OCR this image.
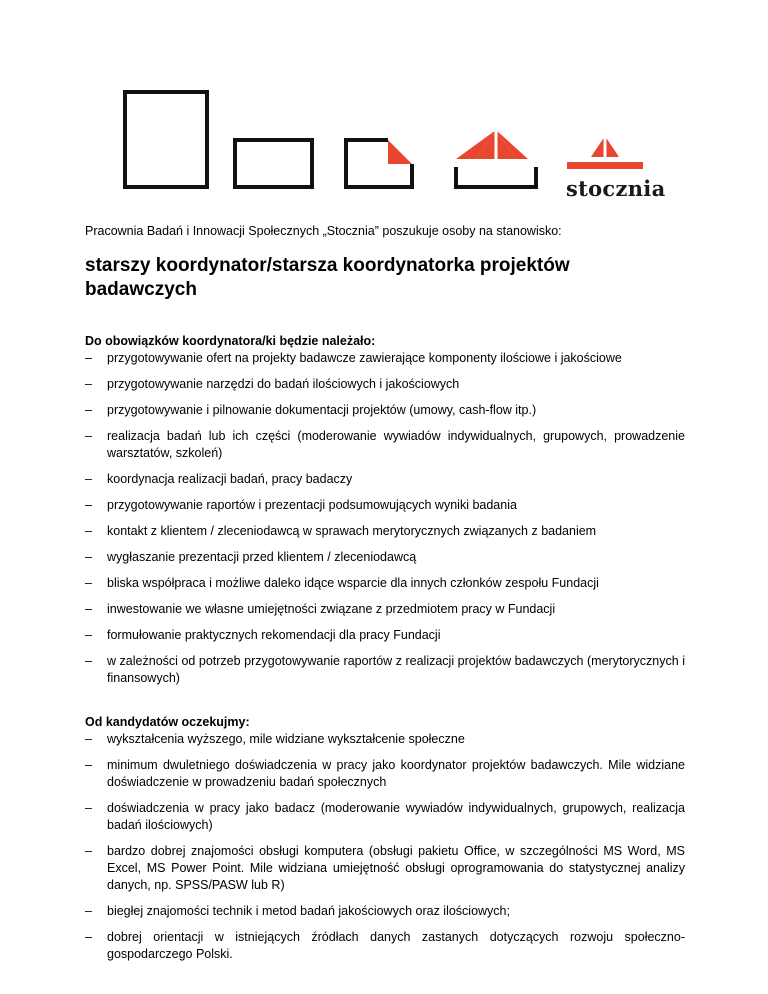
stocznia

Pracownia Badań i Innowacji Społecznych „Stocznia” poszukuje osoby na stanowisko:

starszy koordynator/starsza koordynatorka projektów badawczych
Do obowiązków koordynatora/ki będzie należało:
– przygotowywanie ofert na projekty badawcze zawierające komponenty ilościowe i jakościowe
– przygotowywanie narzędzi do badań ilościowych i jakościowych
– przygotowywanie i pilnowanie dokumentacji projektów (umowy, cash-flow itp.)
– realizacja badań lub ich części (moderowanie wywiadów indywidualnych, grupowych, prowadzenie warsztatów, szkoleń)
– koordynacja realizacji badań, pracy badaczy
– przygotowywanie raportów i prezentacji podsumowujących wyniki badania
– kontakt z klientem / zleceniodawcą w sprawach merytorycznych związanych z badaniem
– wygłaszanie prezentacji przed klientem / zleceniodawcą
– bliska współpraca i możliwe daleko idące wsparcie dla innych członków zespołu Fundacji
– inwestowanie we własne umiejętności związane z przedmiotem pracy w Fundacji
– formułowanie praktycznych rekomendacji dla pracy Fundacji
– w zależności od potrzeb przygotowywanie raportów z realizacji projektów badawczych (merytorycznych i finansowych)
Od kandydatów oczekujmy:
– wykształcenia wyższego, mile widziane wykształcenie społeczne
– minimum dwuletniego doświadczenia w pracy jako koordynator projektów badawczych. Mile widziane doświadczenie w prowadzeniu badań społecznych
– doświadczenia w pracy jako badacz (moderowanie wywiadów indywidualnych, grupowych, realizacja badań ilościowych)
– bardzo dobrej znajomości obsługi komputera (obsługi pakietu Office, w szczególności MS Word, MS Excel, MS Power Point. Mile widziana umiejętność obsługi oprogramowania do statystycznej analizy danych, np. SPSS/PASW lub R)
– biegłej znajomości technik i metod badań jakościowych oraz ilościowych;
– dobrej orientacji w istniejących źródłach danych zastanych dotyczących rozwoju społeczno-gospodarczego Polski.
